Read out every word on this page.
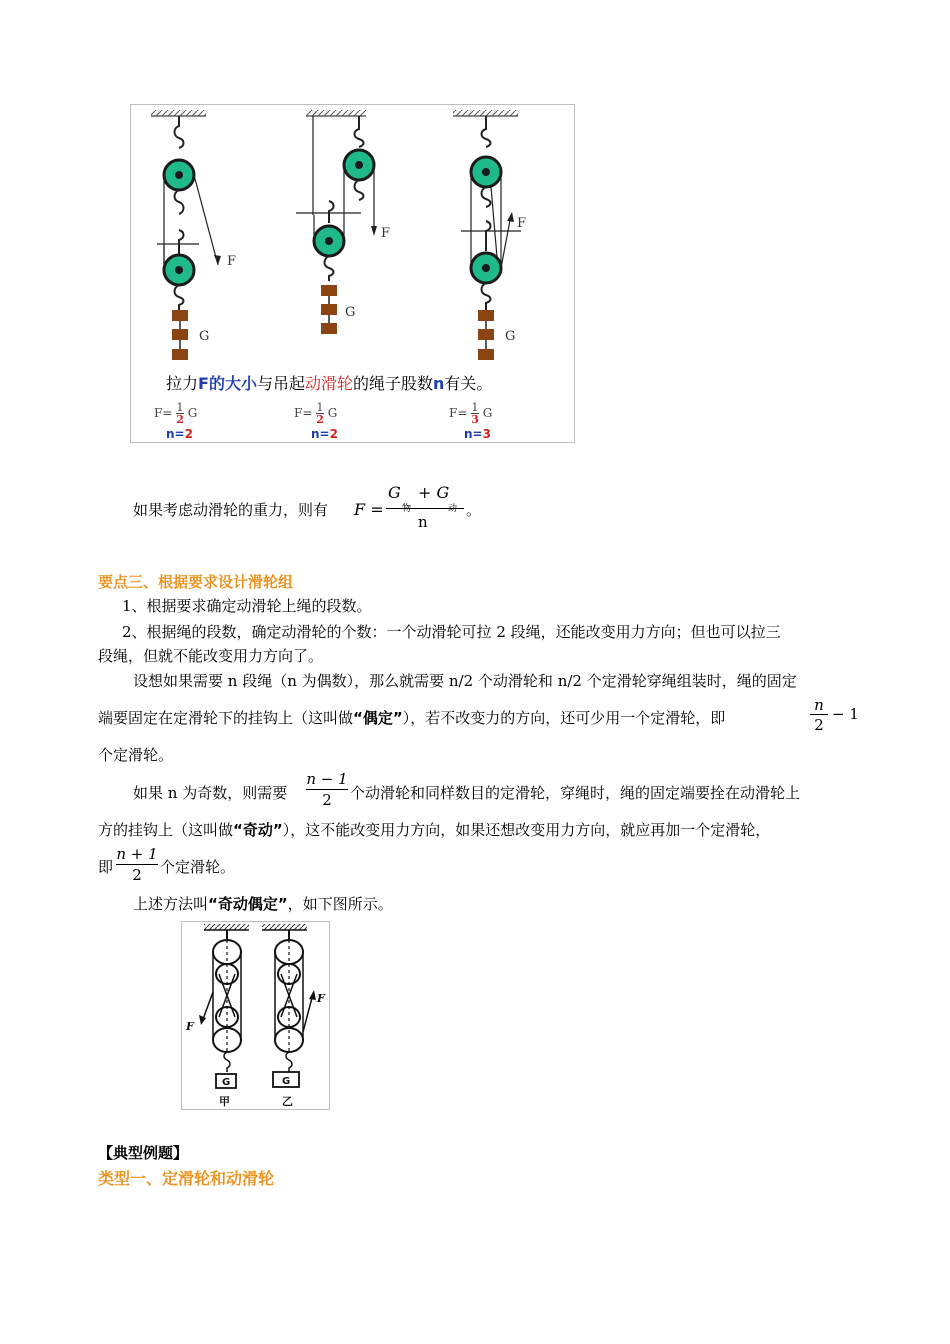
F
G
F
G
F
G
拉力F的大小与吊起动滑轮的绳子股数n有关。
$F= \frac{1}{2}$ G
n=2
$F= \frac{1}{2}$ G
n=2
$F= \frac{1}{3}$ G
n=3
如果考虑动滑轮的重力，则有 F =
G
物
+ G
动
n
。
要点三、根据要求设计滑轮组
1、根据要求确定动滑轮上绳的段数。
2、根据绳的段数，确定动滑轮的个数：一个动滑轮可拉 2 段绳，还能改变用力方向；但也可以拉三
段绳，但就不能改变用力方向了。
设想如果需要 n 段绳（n 为偶数），那么就需要 n/2 个动滑轮和 n/2 个定滑轮穿绳组装时，绳的固定
端要固定在定滑轮下的挂钩上（这叫做“偶定”），若不改变力的方向，还可少用一个定滑轮，即
n
2
− 1
个定滑轮。
如果 n 为奇数，则需要
n − 1
2	个动滑轮和同样数目的定滑轮，穿绳时，绳的固定端要拴在动滑轮上
方的挂钩上（这叫做“奇动”），这不能改变用力方向，如果还想改变用力方向，就应再加一个定滑轮，
即
n + 1
2	个定滑轮。
上述方法叫“奇动偶定”，如下图所示。
F
G
甲
F
G
乙
【典型例题】
类型一、定滑轮和动滑轮
